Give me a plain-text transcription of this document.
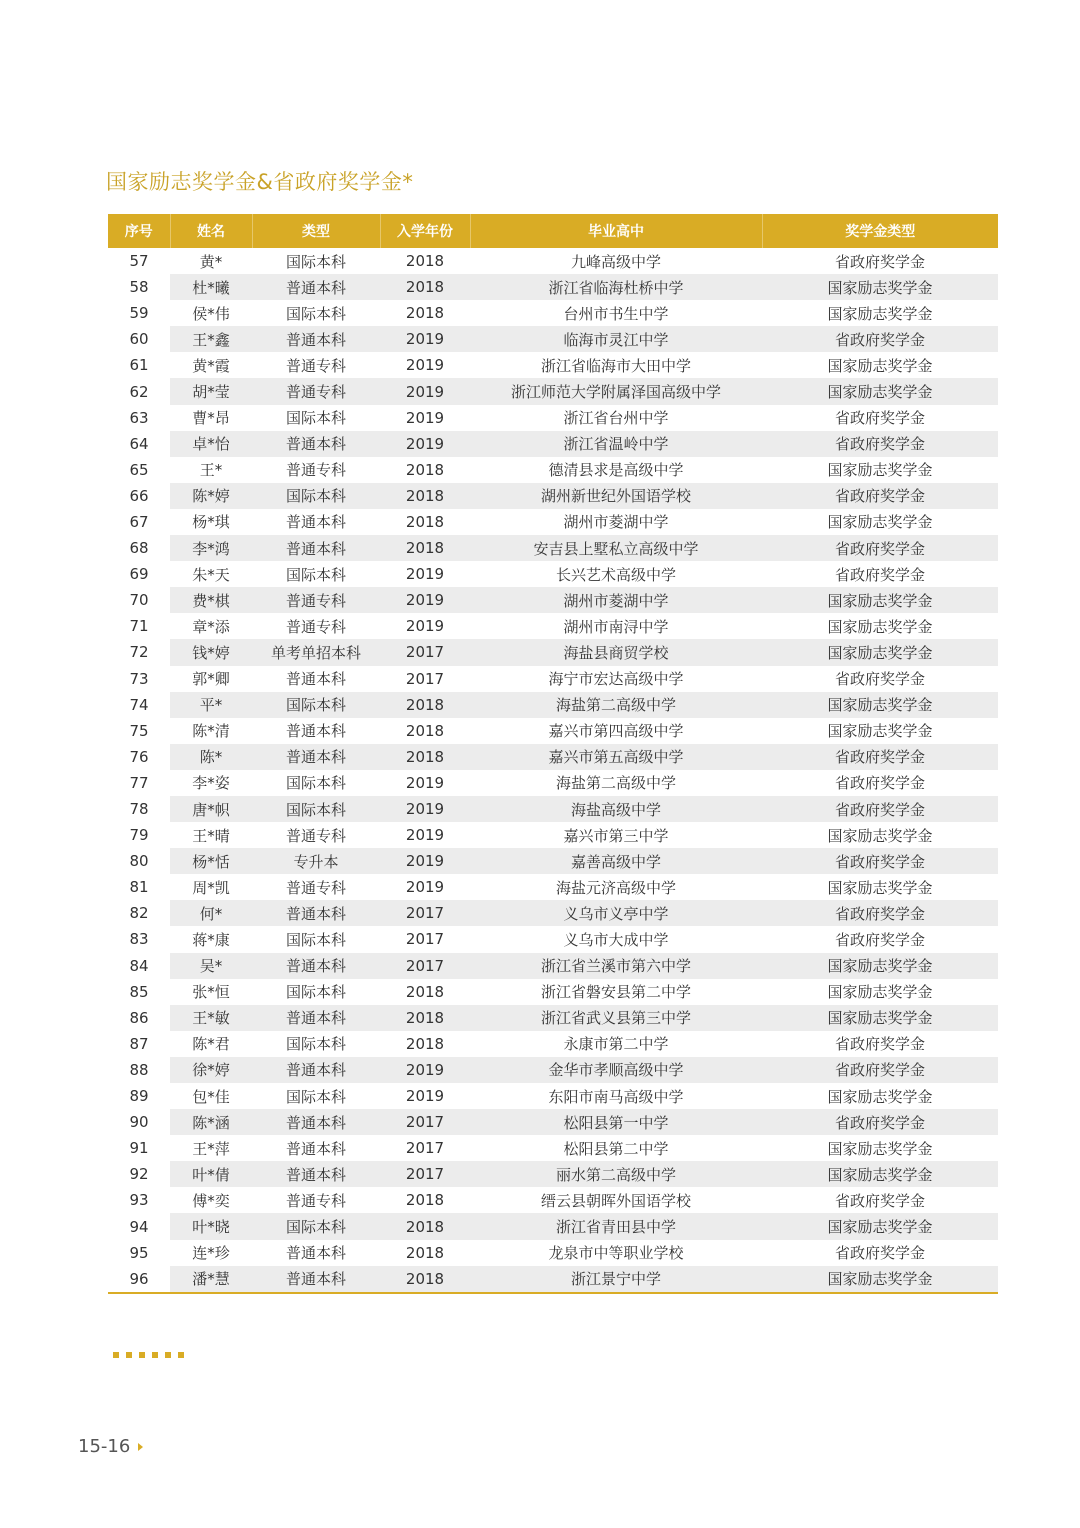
国家励志奖学金&省政府奖学金*
序号	姓名	类型	入学年份	毕业高中	奖学金类型
57	黄*	国际本科	2018	九峰高级中学	省政府奖学金
58	杜*曦	普通本科	2018	浙江省临海杜桥中学	国家励志奖学金
59	侯*伟	国际本科	2018	台州市书生中学	国家励志奖学金
60	王*鑫	普通本科	2019	临海市灵江中学	省政府奖学金
61	黄*霞	普通专科	2019	浙江省临海市大田中学	国家励志奖学金
62	胡*莹	普通专科	2019	浙江师范大学附属泽国高级中学	国家励志奖学金
63	曹*昂	国际本科	2019	浙江省台州中学	省政府奖学金
64	卓*怡	普通本科	2019	浙江省温岭中学	省政府奖学金
65	王*	普通专科	2018	德清县求是高级中学	国家励志奖学金
66	陈*婷	国际本科	2018	湖州新世纪外国语学校	省政府奖学金
67	杨*琪	普通本科	2018	湖州市菱湖中学	国家励志奖学金
68	李*鸿	普通本科	2018	安吉县上墅私立高级中学	省政府奖学金
69	朱*天	国际本科	2019	长兴艺术高级中学	省政府奖学金
70	费*棋	普通专科	2019	湖州市菱湖中学	国家励志奖学金
71	章*添	普通专科	2019	湖州市南浔中学	国家励志奖学金
72	钱*婷	单考单招本科	2017	海盐县商贸学校	国家励志奖学金
73	郭*卿	普通本科	2017	海宁市宏达高级中学	省政府奖学金
74	平*	国际本科	2018	海盐第二高级中学	国家励志奖学金
75	陈*清	普通本科	2018	嘉兴市第四高级中学	国家励志奖学金
76	陈*	普通本科	2018	嘉兴市第五高级中学	省政府奖学金
77	李*姿	国际本科	2019	海盐第二高级中学	省政府奖学金
78	唐*帜	国际本科	2019	海盐高级中学	省政府奖学金
79	王*晴	普通专科	2019	嘉兴市第三中学	国家励志奖学金
80	杨*恬	专升本	2019	嘉善高级中学	省政府奖学金
81	周*凯	普通专科	2019	海盐元济高级中学	国家励志奖学金
82	何*	普通本科	2017	义乌市义亭中学	省政府奖学金
83	蒋*康	国际本科	2017	义乌市大成中学	省政府奖学金
84	吴*	普通本科	2017	浙江省兰溪市第六中学	国家励志奖学金
85	张*恒	国际本科	2018	浙江省磐安县第二中学	国家励志奖学金
86	王*敏	普通本科	2018	浙江省武义县第三中学	国家励志奖学金
87	陈*君	国际本科	2018	永康市第二中学	省政府奖学金
88	徐*婷	普通本科	2019	金华市孝顺高级中学	省政府奖学金
89	包*佳	国际本科	2019	东阳市南马高级中学	国家励志奖学金
90	陈*涵	普通本科	2017	松阳县第一中学	省政府奖学金
91	王*萍	普通本科	2017	松阳县第二中学	国家励志奖学金
92	叶*倩	普通本科	2017	丽水第二高级中学	国家励志奖学金
93	傅*奕	普通专科	2018	缙云县朝晖外国语学校	省政府奖学金
94	叶*晓	国际本科	2018	浙江省青田县中学	国家励志奖学金
95	连*珍	普通本科	2018	龙泉市中等职业学校	省政府奖学金
96	潘*慧	普通本科	2018	浙江景宁中学	国家励志奖学金
15-16
